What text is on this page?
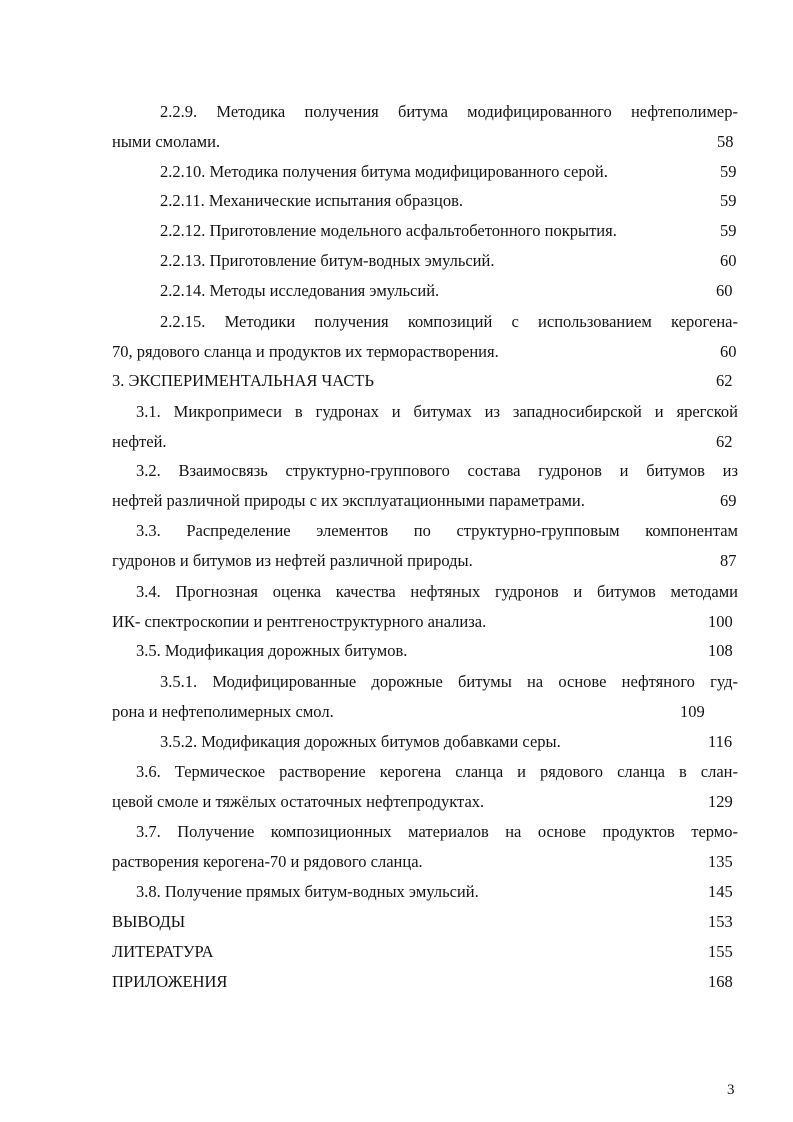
2.2.9. Методика получения битума модифицированного нефтеполимер-
ными смолами.	58
2.2.10. Методика получения битума модифицированного серой.	59
2.2.11. Механические испытания образцов.	59
2.2.12. Приготовление модельного асфальтобетонного покрытия.	59
2.2.13. Приготовление битум-водных эмульсий.	60
2.2.14. Методы исследования эмульсий.	60
2.2.15. Методики получения композиций с использованием керогена-
70, рядового сланца и продуктов их терморастворения.	60
3. ЭКСПЕРИМЕНТАЛЬНАЯ ЧАСТЬ	62
3.1. Микропримеси в гудронах и битумах из западносибирской и ярегской
нефтей.	62
3.2. Взаимосвязь структурно-группового состава гудронов и битумов из
нефтей различной природы с их эксплуатационными параметрами.	69
3.3. Распределение элементов по структурно-групповым компонентам
гудронов и битумов из нефтей различной природы.	87
3.4. Прогнозная оценка качества нефтяных гудронов и битумов методами
ИК- спектроскопии и рентгеноструктурного анализа.	100
3.5. Модификация дорожных битумов.	108
3.5.1. Модифицированные дорожные битумы на основе нефтяного гуд-
рона и нефтеполимерных смол.	109
3.5.2. Модификация дорожных битумов добавками серы.	116
3.6. Термическое растворение керогена сланца и рядового сланца в слан-
цевой смоле и тяжёлых остаточных нефтепродуктах.	129
3.7. Получение композиционных материалов на основе продуктов термо-
растворения керогена-70 и рядового сланца.	135
3.8. Получение прямых битум-водных эмульсий.	145
ВЫВОДЫ	153
ЛИТЕРАТУРА	155
ПРИЛОЖЕНИЯ	168
3
